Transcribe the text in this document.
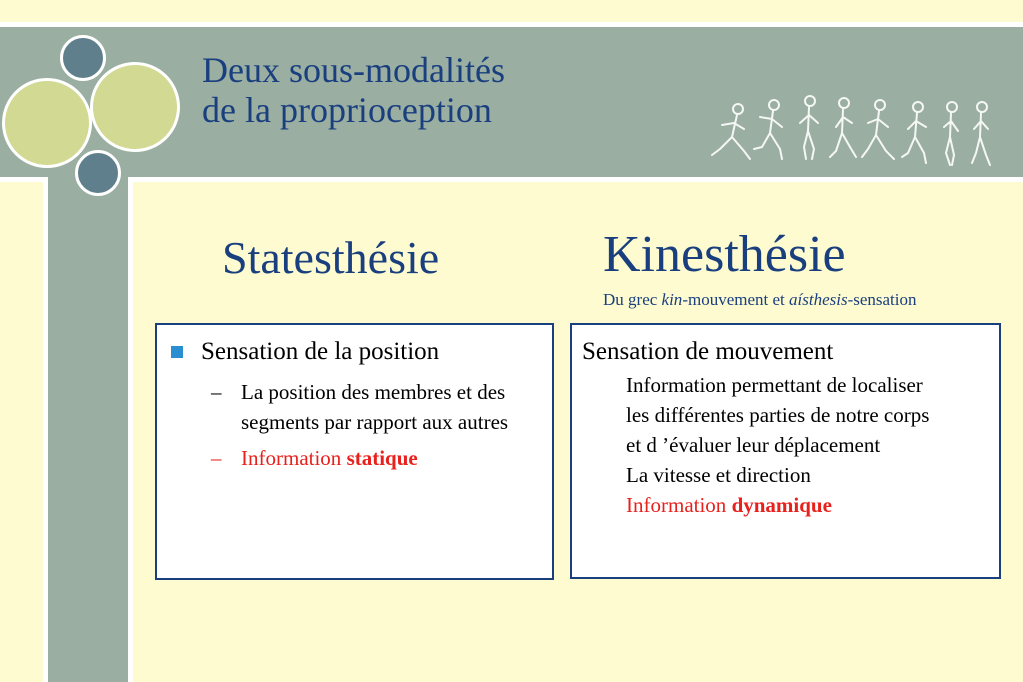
Deux sous-modalités
de la proprioception
Statesthésie	Kinesthésie
Du grec kin-mouvement et aísthesis-sensation
Sensation de la position
– La position des membres et des segments par rapport aux autres
– Information statique
Sensation de mouvement
Information permettant de localiser
les différentes parties de notre corps
et d ’évaluer leur déplacement
La vitesse et direction
Information dynamique
